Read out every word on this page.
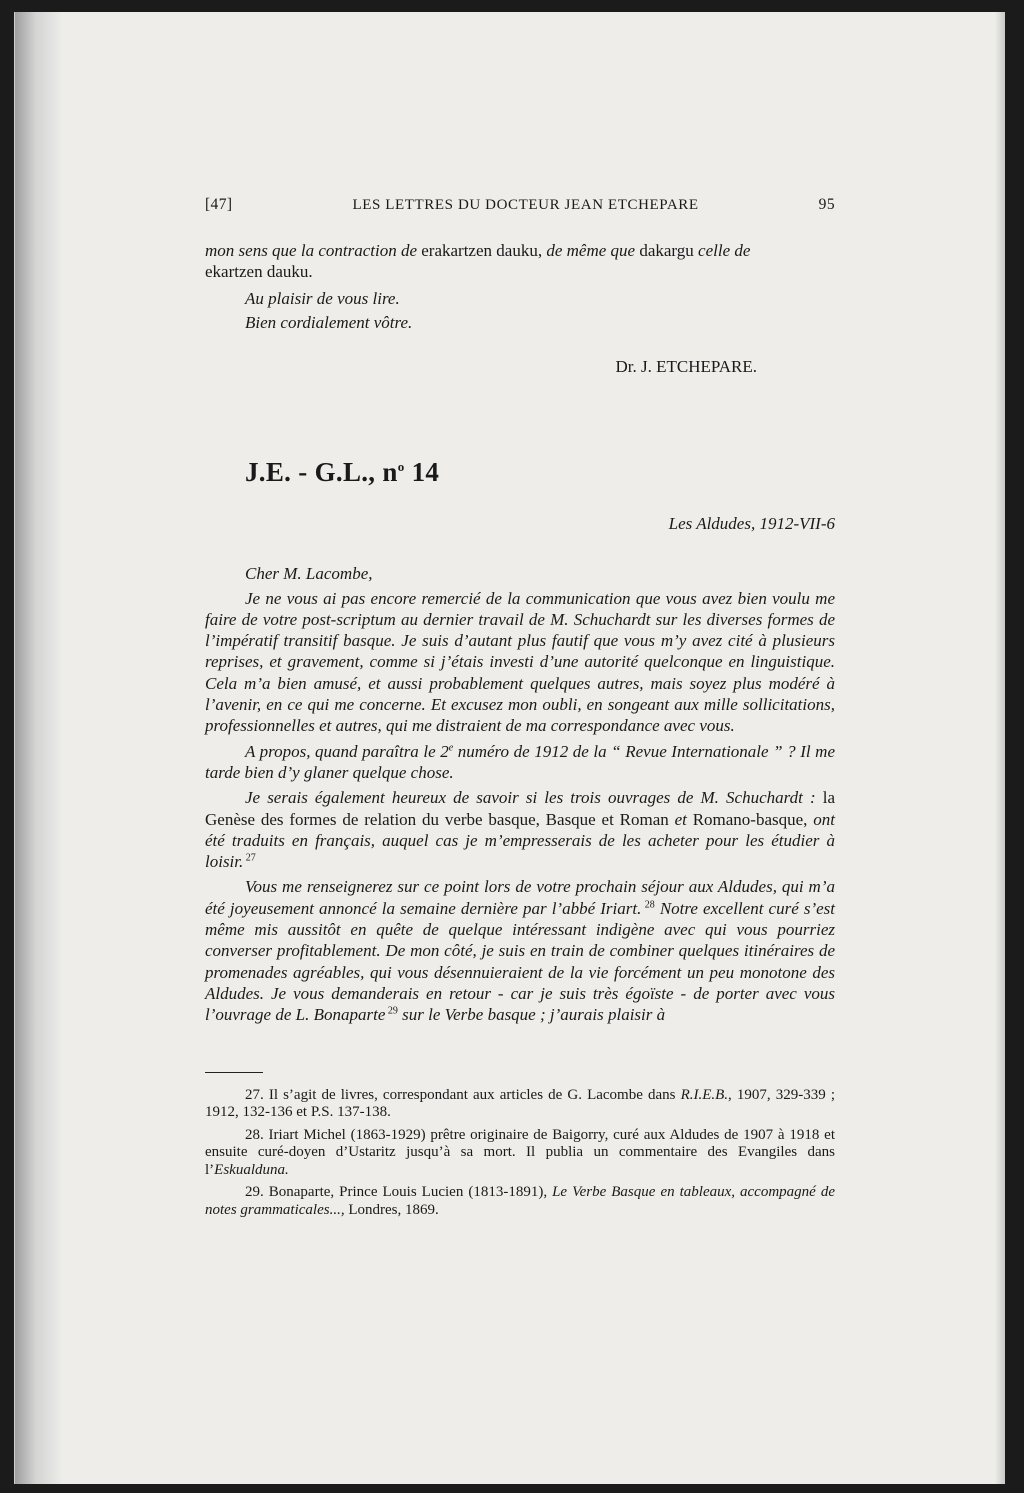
[47]	LES LETTRES DU DOCTEUR JEAN ETCHEPARE	95

mon sens que la contraction de erakartzen dauku, de même que dakargu celle de
ekartzen dauku.

Au plaisir de vous lire.
Bien cordialement vôtre.
Dr. J. ETCHEPARE.
J.E. - G.L., $n^o$ 14
Les Aldudes, 1912-VII-6
Cher M. Lacombe,

Je ne vous ai pas encore remercié de la communication que vous avez bien voulu me faire de votre post-scriptum au dernier travail de M. Schuchardt sur les diverses formes de l’impératif transitif basque. Je suis d’autant plus fautif que vous m’y avez cité à plusieurs reprises, et gravement, comme si j’étais investi d’une autorité quelconque en linguistique. Cela m’a bien amusé, et aussi probablement quelques autres, mais soyez plus modéré à l’avenir, en ce qui me concerne. Et excusez mon oubli, en songeant aux mille sollicitations, professionnelles et autres, qui me distraient de ma correspondance avec vous.

A propos, quand paraîtra le 2e numéro de 1912 de la “ Revue Internationale ” ? Il me tarde bien d’y glaner quelque chose.

Je serais également heureux de savoir si les trois ouvrages de M. Schuchardt : la Genèse des formes de relation du verbe basque, Basque et Roman et Romano-basque, ont été traduits en français, auquel cas je m’empresserais de les acheter pour les étudier à loisir. $^{27}$

Vous me renseignerez sur ce point lors de votre prochain séjour aux Aldudes, qui m’a été joyeusement annoncé la semaine dernière par l’abbé Iriart. $^{28}$ Notre excellent curé s’est même mis aussitôt en quête de quelque intéressant indigène avec qui vous pourriez converser profitablement. De mon côté, je suis en train de combiner quelques itinéraires de promenades agréables, qui vous désennuieraient de la vie forcément un peu monotone des Aldudes. Je vous demanderais en retour - car je suis très égoïste - de porter avec vous l’ouvrage de L. Bonaparte $^{29}$ sur le Verbe basque ; j’aurais plaisir à

27. Il s’agit de livres, correspondant aux articles de G. Lacombe dans R.I.E.B., 1907, 329-339 ; 1912, 132-136 et P.S. 137-138.

28. Iriart Michel (1863-1929) prêtre originaire de Baigorry, curé aux Aldudes de 1907 à 1918 et ensuite curé-doyen d’Ustaritz jusqu’à sa mort. Il publia un commentaire des Evangiles dans l’Eskualduna.

29. Bonaparte, Prince Louis Lucien (1813-1891), Le Verbe Basque en tableaux, accompagné de notes grammaticales..., Londres, 1869.
